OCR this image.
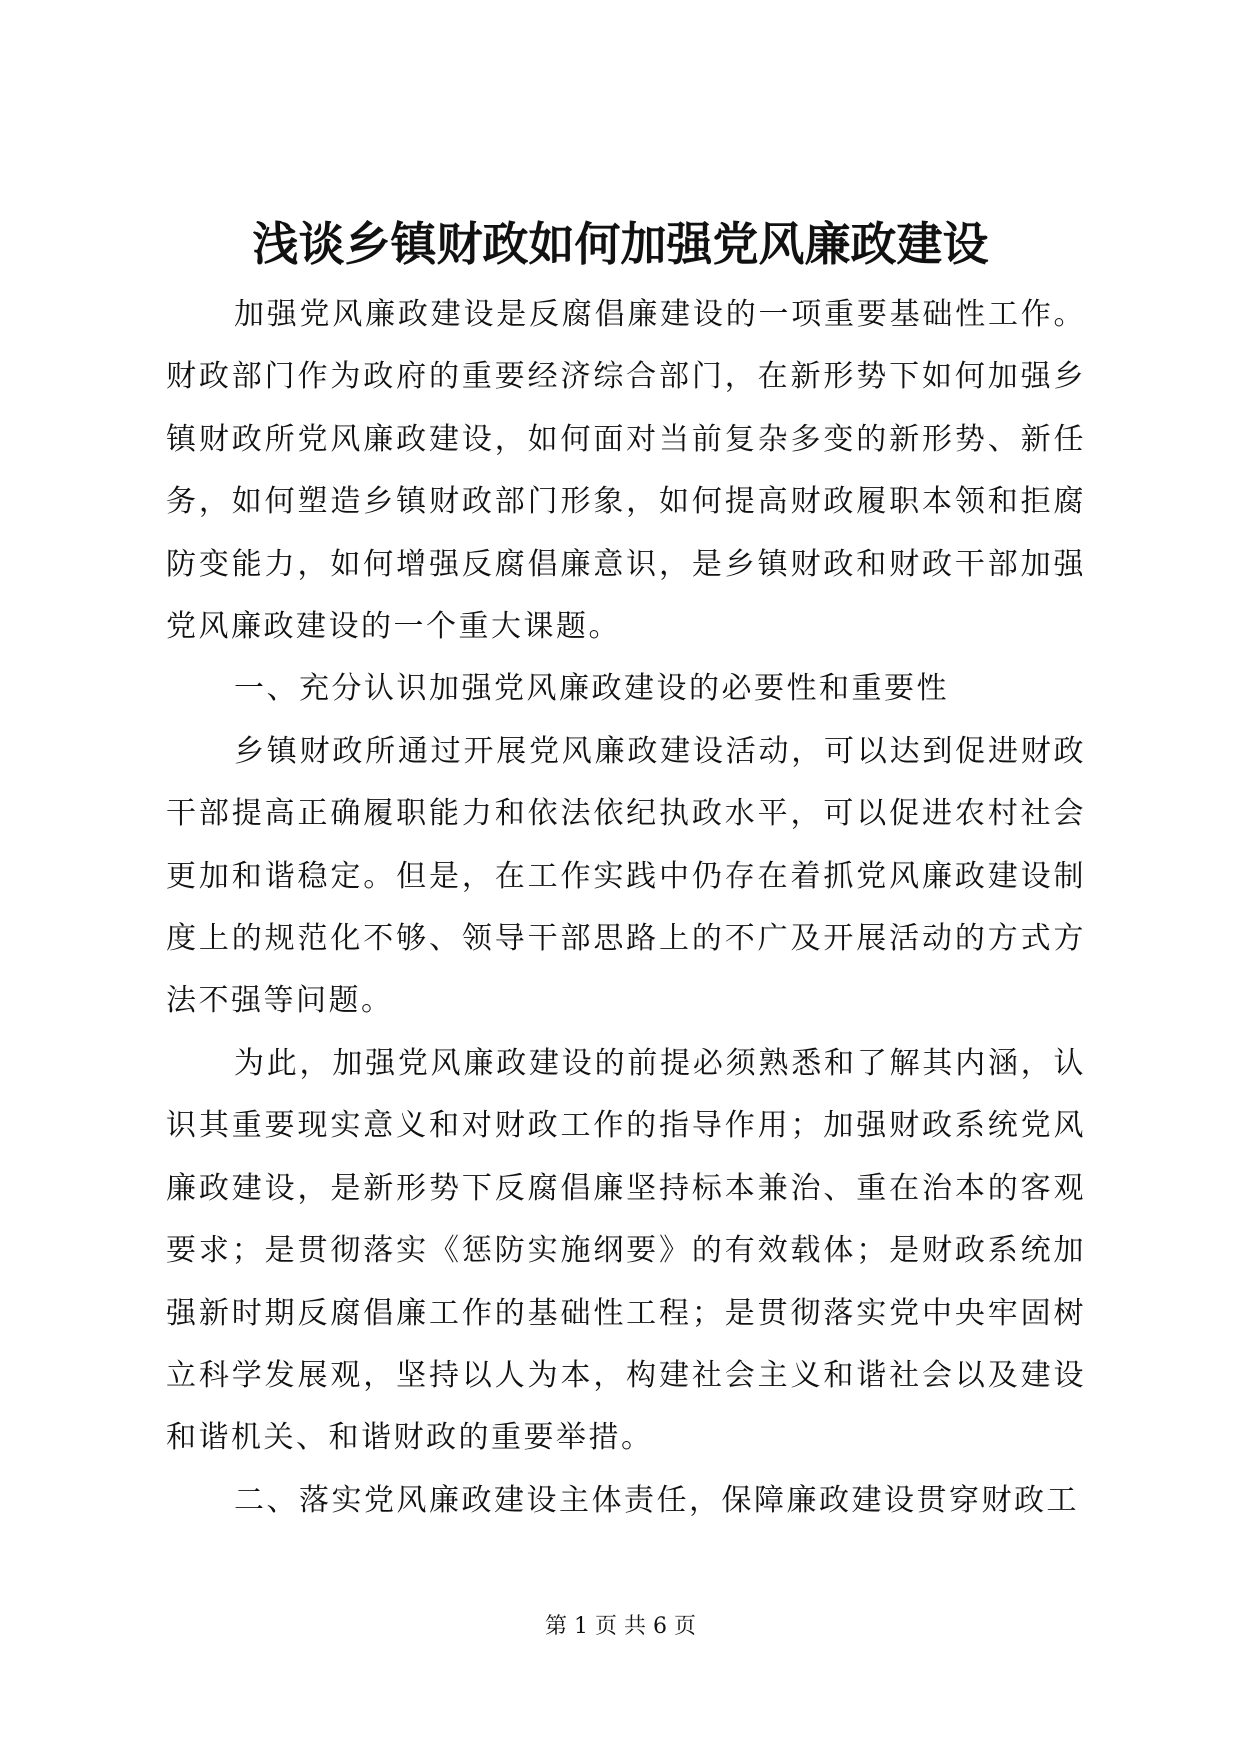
浅谈乡镇财政如何加强党风廉政建设

加强党风廉政建设是反腐倡廉建设的一项重要基础性工作。财政部门作为政府的重要经济综合部门，在新形势下如何加强乡镇财政所党风廉政建设，如何面对当前复杂多变的新形势、新任务，如何塑造乡镇财政部门形象，如何提高财政履职本领和拒腐防变能力，如何增强反腐倡廉意识，是乡镇财政和财政干部加强党风廉政建设的一个重大课题。

一、充分认识加强党风廉政建设的必要性和重要性

乡镇财政所通过开展党风廉政建设活动，可以达到促进财政干部提高正确履职能力和依法依纪执政水平，可以促进农村社会更加和谐稳定。但是，在工作实践中仍存在着抓党风廉政建设制度上的规范化不够、领导干部思路上的不广及开展活动的方式方法不强等问题。

为此，加强党风廉政建设的前提必须熟悉和了解其内涵，认识其重要现实意义和对财政工作的指导作用；加强财政系统党风廉政建设，是新形势下反腐倡廉坚持标本兼治、重在治本的客观要求；是贯彻落实《惩防实施纲要》的有效载体；是财政系统加强新时期反腐倡廉工作的基础性工程；是贯彻落实党中央牢固树立科学发展观，坚持以人为本，构建社会主义和谐社会以及建设和谐机关、和谐财政的重要举措。

二、落实党风廉政建设主体责任，保障廉政建设贯穿财政工

第 1 页 共 6 页
